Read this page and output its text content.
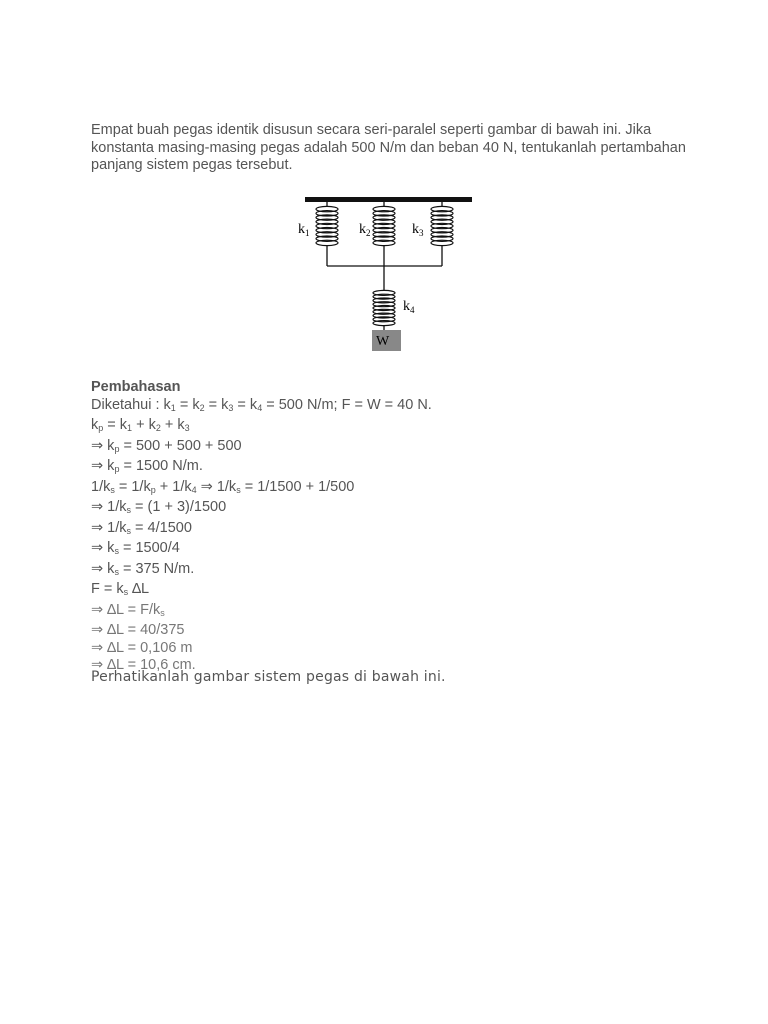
Empat buah pegas identik disusun secara seri-paralel seperti gambar di bawah ini. Jika konstanta masing-masing pegas adalah 500 N/m dan beban 40 N, tentukanlah pertambahan panjang sistem pegas tersebut.
W
$k_1$	$k_2$	$k_3$
$k_4$
Pembahasan
Diketahui : $k_1 = k_2 = k_3 = k_4 = 500$ N/m; F = W = 40 N.
$k_p = k_1 + k_2 + k_3$
⇒ $k_p = 500 + 500 + 500$
⇒ $k_p = 1500$ N/m.
$1/k_s = 1/k_p + 1/k_4$ ⇒ $1/k_s = 1/1500 + 1/500$
⇒ $1/k_s = (1 + 3)/1500$
⇒ $1/k_s = 4/1500$
⇒ $k_s = 1500/4$
⇒ $k_s = 375$ N/m.
$F = k_s$ ∆L
⇒ $\Delta L = F/k_s$
⇒ ∆L = 40/375
⇒ ∆L = 0,106 m
⇒ ∆L = 10,6 cm.
Perhatikanlah gambar sistem pegas di bawah ini.
